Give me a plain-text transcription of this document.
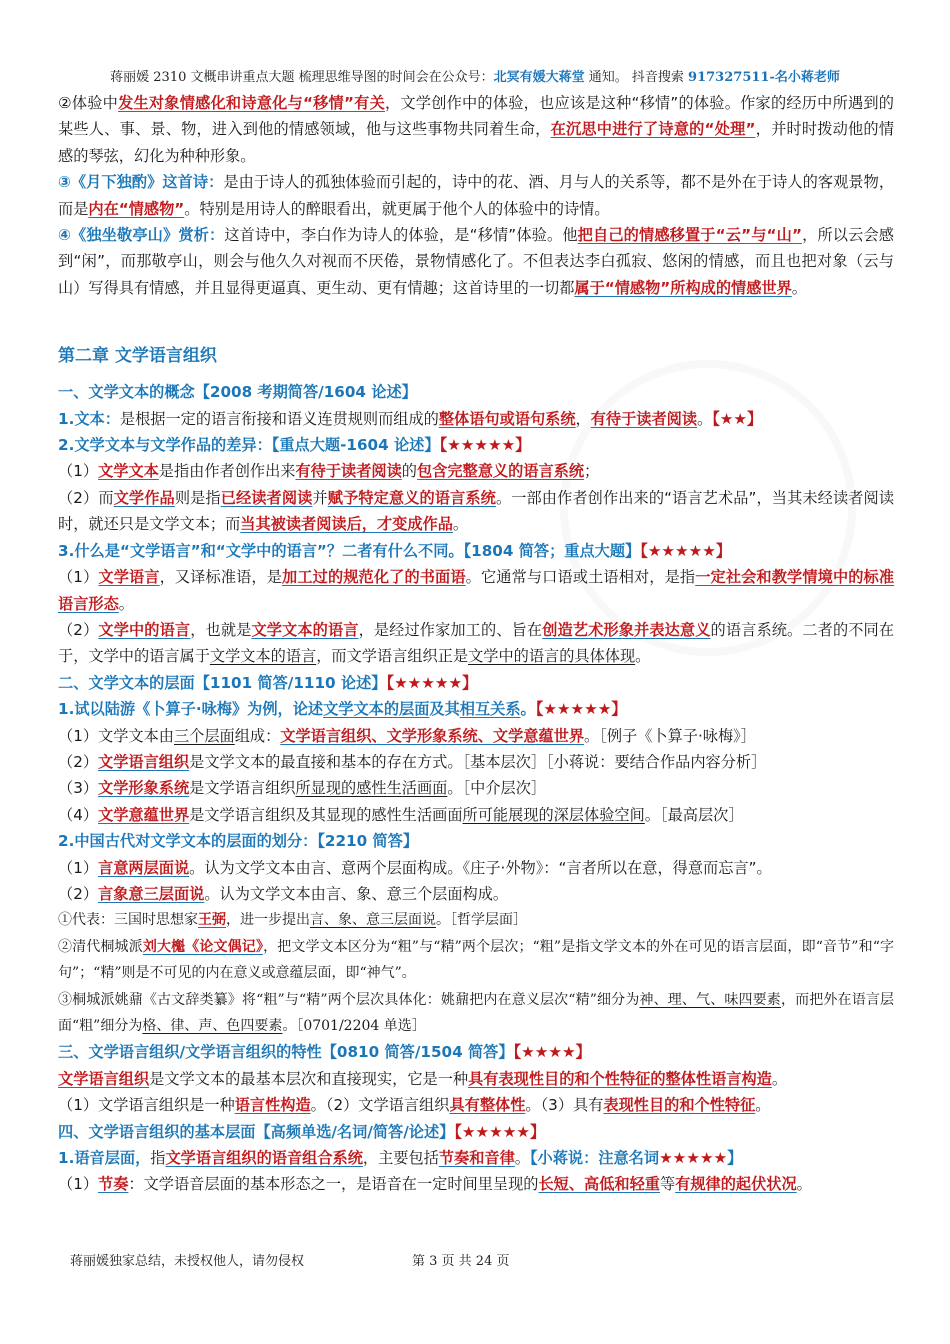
蒋丽媛 2310 文概串讲重点大题 梳理思维导图的时间会在公众号：北冥有媛大蒋堂 通知。 抖音搜索 917327511-名小蒋老师

②体验中发生对象情感化和诗意化与“移情”有关，文学创作中的体验，也应该是这种“移情”的体验。作家的经历中所遇到的某些人、事、景、物，进入到他的情感领域，他与这些事物共同着生命，在沉思中进行了诗意的“处理”，并时时拨动他的情感的琴弦，幻化为种种形象。

③《月下独酌》这首诗：是由于诗人的孤独体验而引起的，诗中的花、酒、月与人的关系等，都不是外在于诗人的客观景物，而是内在“情感物”。特别是用诗人的醉眼看出，就更属于他个人的体验中的诗情。

④《独坐敬亭山》赏析：这首诗中，李白作为诗人的体验，是“移情”体验。他把自己的情感移置于“云”与“山”，所以云会感到“闲”，而那敬亭山，则会与他久久对视而不厌倦，景物情感化了。不但表达李白孤寂、悠闲的情感，而且也把对象（云与山）写得具有情感，并且显得更逼真、更生动、更有情趣；这首诗里的一切都属于“情感物”所构成的情感世界。

第二章 文学语言组织

一、文学文本的概念【2008 考期简答/1604 论述】

1.文本：是根据一定的语言衔接和语义连贯规则而组成的整体语句或语句系统，有待于读者阅读。【★★】

2.文学文本与文学作品的差异：【重点大题-1604 论述】【★★★★★】

（1）文学文本是指由作者创作出来有待于读者阅读的包含完整意义的语言系统；

（2）而文学作品则是指已经读者阅读并赋予特定意义的语言系统。一部由作者创作出来的“语言艺术品”，当其未经读者阅读时，就还只是文学文本；而当其被读者阅读后，才变成作品。

3.什么是“文学语言”和“文学中的语言”？二者有什么不同。【1804 简答；重点大题】【★★★★★】

（1）文学语言，又译标准语，是加工过的规范化了的书面语。它通常与口语或土语相对，是指一定社会和教学情境中的标准语言形态。

（2）文学中的语言，也就是文学文本的语言，是经过作家加工的、旨在创造艺术形象并表达意义的语言系统。二者的不同在于，文学中的语言属于文学文本的语言，而文学语言组织正是文学中的语言的具体体现。

二、文学文本的层面【1101 简答/1110 论述】【★★★★★】

1.试以陆游《卜算子·咏梅》为例，论述文学文本的层面及其相互关系。【★★★★★】

（1）文学文本由三个层面组成：文学语言组织、文学形象系统、文学意蕴世界。［例子《卜算子·咏梅》］

（2）文学语言组织是文学文本的最直接和基本的存在方式。［基本层次］［小蒋说：要结合作品内容分析］

（3）文学形象系统是文学语言组织所显现的感性生活画面。［中介层次］

（4）文学意蕴世界是文学语言组织及其显现的感性生活画面所可能展现的深层体验空间。［最高层次］

2.中国古代对文学文本的层面的划分：【2210 简答】

（1）言意两层面说。认为文学文本由言、意两个层面构成。《庄子·外物》：“言者所以在意，得意而忘言”。

（2）言象意三层面说。认为文学文本由言、象、意三个层面构成。

①代表：三国时思想家王弼，进一步提出言、象、意三层面说。［哲学层面］

②清代桐城派刘大櫆《论文偶记》，把文学文本区分为“粗”与“精”两个层次；“粗”是指文学文本的外在可见的语言层面，即“音节”和“字句”；“精”则是不可见的内在意义或意蕴层面，即“神气”。

③桐城派姚鼐《古文辞类纂》将“粗”与“精”两个层次具体化：姚鼐把内在意义层次“精”细分为神、理、气、味四要素，而把外在语言层面“粗”细分为格、律、声、色四要素。［0701/2204 单选］

三、文学语言组织/文学语言组织的特性【0810 简答/1504 简答】【★★★★】

文学语言组织是文学文本的最基本层次和直接现实，它是一种具有表现性目的和个性特征的整体性语言构造。

（1）文学语言组织是一种语言性构造。（2）文学语言组织具有整体性。（3）具有表现性目的和个性特征。

四、文学语言组织的基本层面【高频单选/名词/简答/论述】【★★★★★】

1.语音层面，指文学语言组织的语音组合系统，主要包括节奏和音律。【小蒋说：注意名词★★★★★】

（1）节奏：文学语音层面的基本形态之一，是语音在一定时间里呈现的长短、高低和轻重等有规律的起伏状况。

蒋丽媛独家总结，未授权他人，请勿侵权	第 3 页 共 24 页
